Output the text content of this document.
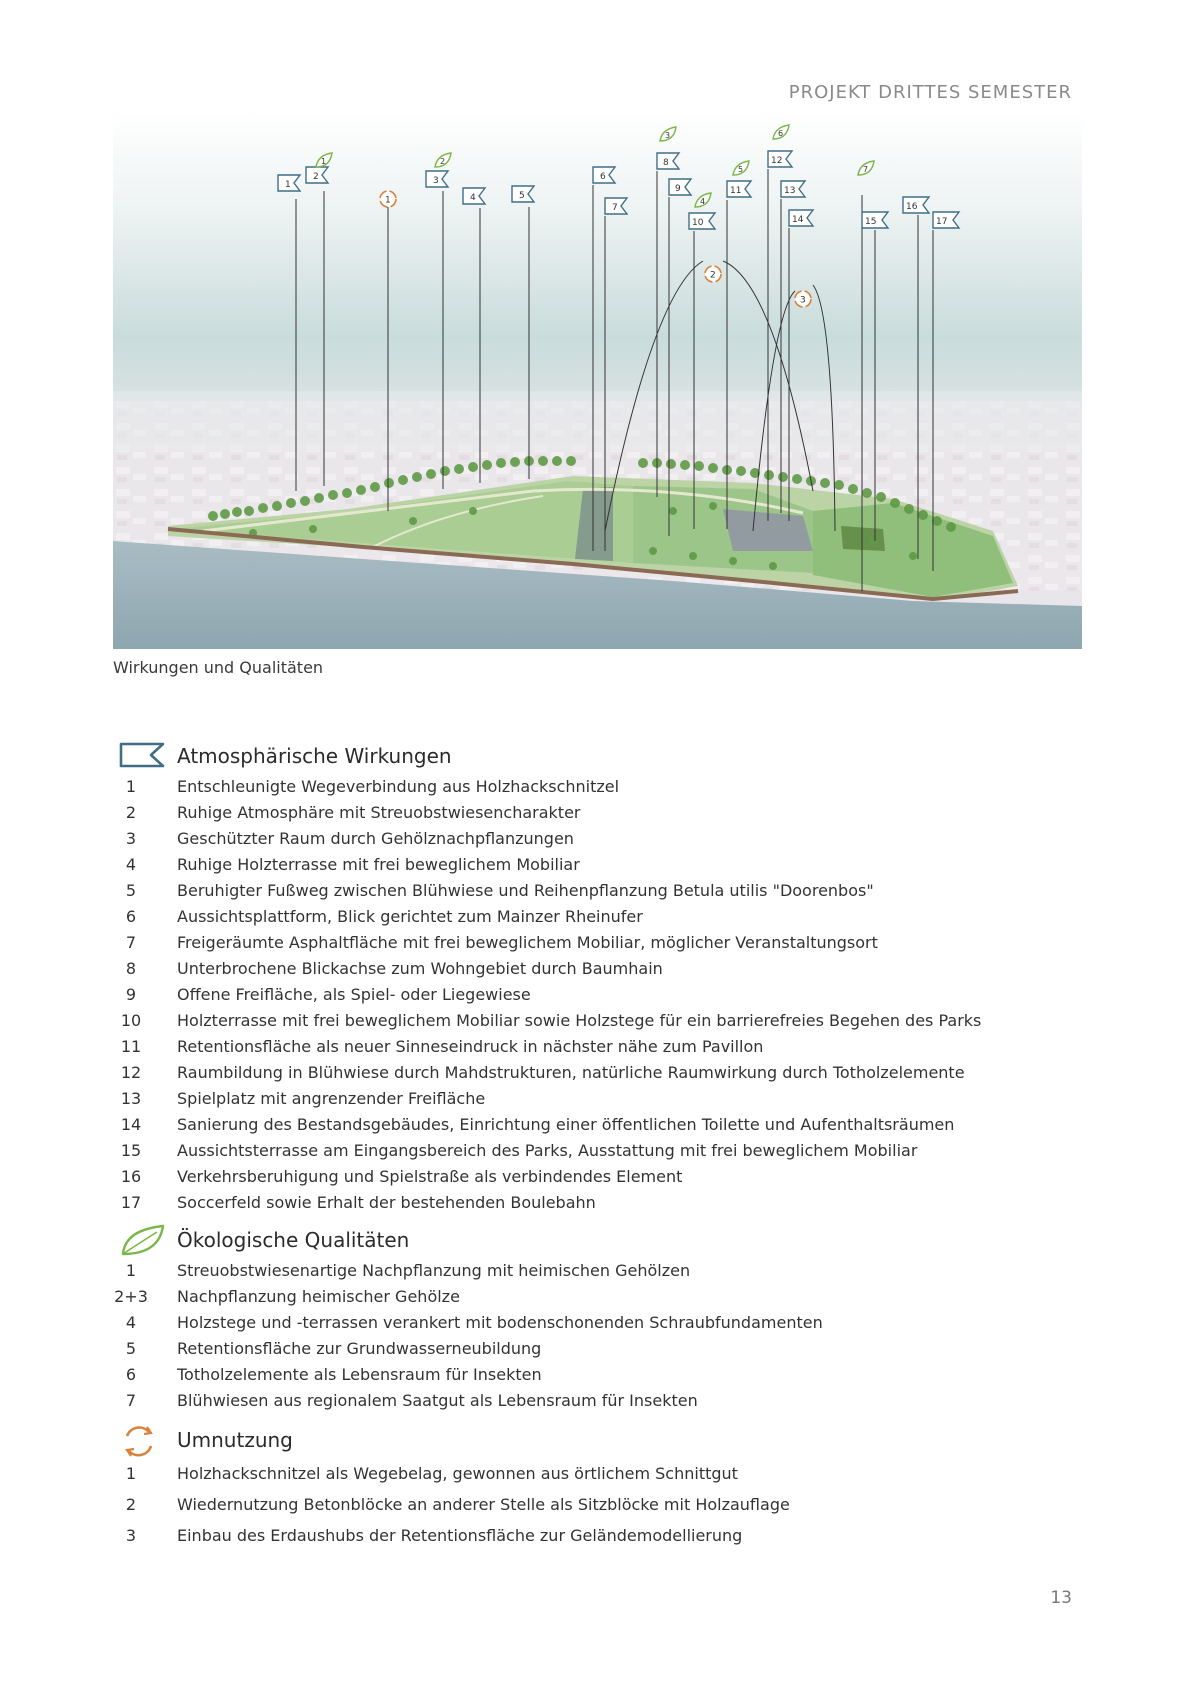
PROJEKT DRITTES SEMESTER
1
2	3
4	5
6
7
8
9
10
11
12
13
14	15
16
17
1	2
3
4
5
6
7
1
2
3
Wirkungen und Qualitäten
Atmosphärische Wirkungen
1	Entschleunigte Wegeverbindung aus Holzhackschnitzel
2	Ruhige Atmosphäre mit Streuobstwiesencharakter
3	Geschützter Raum durch Gehölznachpflanzungen
4	Ruhige Holzterrasse mit frei beweglichem Mobiliar
5	Beruhigter Fußweg zwischen Blühwiese und Reihenpflanzung Betula utilis "Doorenbos"
6	Aussichtsplattform, Blick gerichtet zum Mainzer Rheinufer
7	Freigeräumte Asphaltfläche mit frei beweglichem Mobiliar, möglicher Veranstaltungsort
8	Unterbrochene Blickachse zum Wohngebiet durch Baumhain
9	Offene Freifläche, als Spiel- oder Liegewiese
10	Holzterrasse mit frei beweglichem Mobiliar sowie Holzstege für ein barrierefreies Begehen des Parks
11	Retentionsfläche als neuer Sinneseindruck in nächster nähe zum Pavillon
12	Raumbildung in Blühwiese durch Mahdstrukturen, natürliche Raumwirkung durch Totholzelemente
13	Spielplatz mit angrenzender Freifläche
14	Sanierung des Bestandsgebäudes, Einrichtung einer öffentlichen Toilette und Aufenthaltsräumen
15	Aussichtsterrasse am Eingangsbereich des Parks, Ausstattung mit frei beweglichem Mobiliar
16	Verkehrsberuhigung und Spielstraße als verbindendes Element
17	Soccerfeld sowie Erhalt der bestehenden Boulebahn
Ökologische Qualitäten
1	Streuobstwiesenartige Nachpflanzung mit heimischen Gehölzen
2+3 Nachpflanzung heimischer Gehölze
4	Holzstege und -terrassen verankert mit bodenschonenden Schraubfundamenten
5	Retentionsfläche zur Grundwasserneubildung
6	Totholzelemente als Lebensraum für Insekten
7	Blühwiesen aus regionalem Saatgut als Lebensraum für Insekten
Umnutzung
1	Holzhackschnitzel als Wegebelag, gewonnen aus örtlichem Schnittgut
2	Wiedernutzung Betonblöcke an anderer Stelle als Sitzblöcke mit Holzauflage
3	Einbau des Erdaushubs der Retentionsfläche zur Geländemodellierung
13
